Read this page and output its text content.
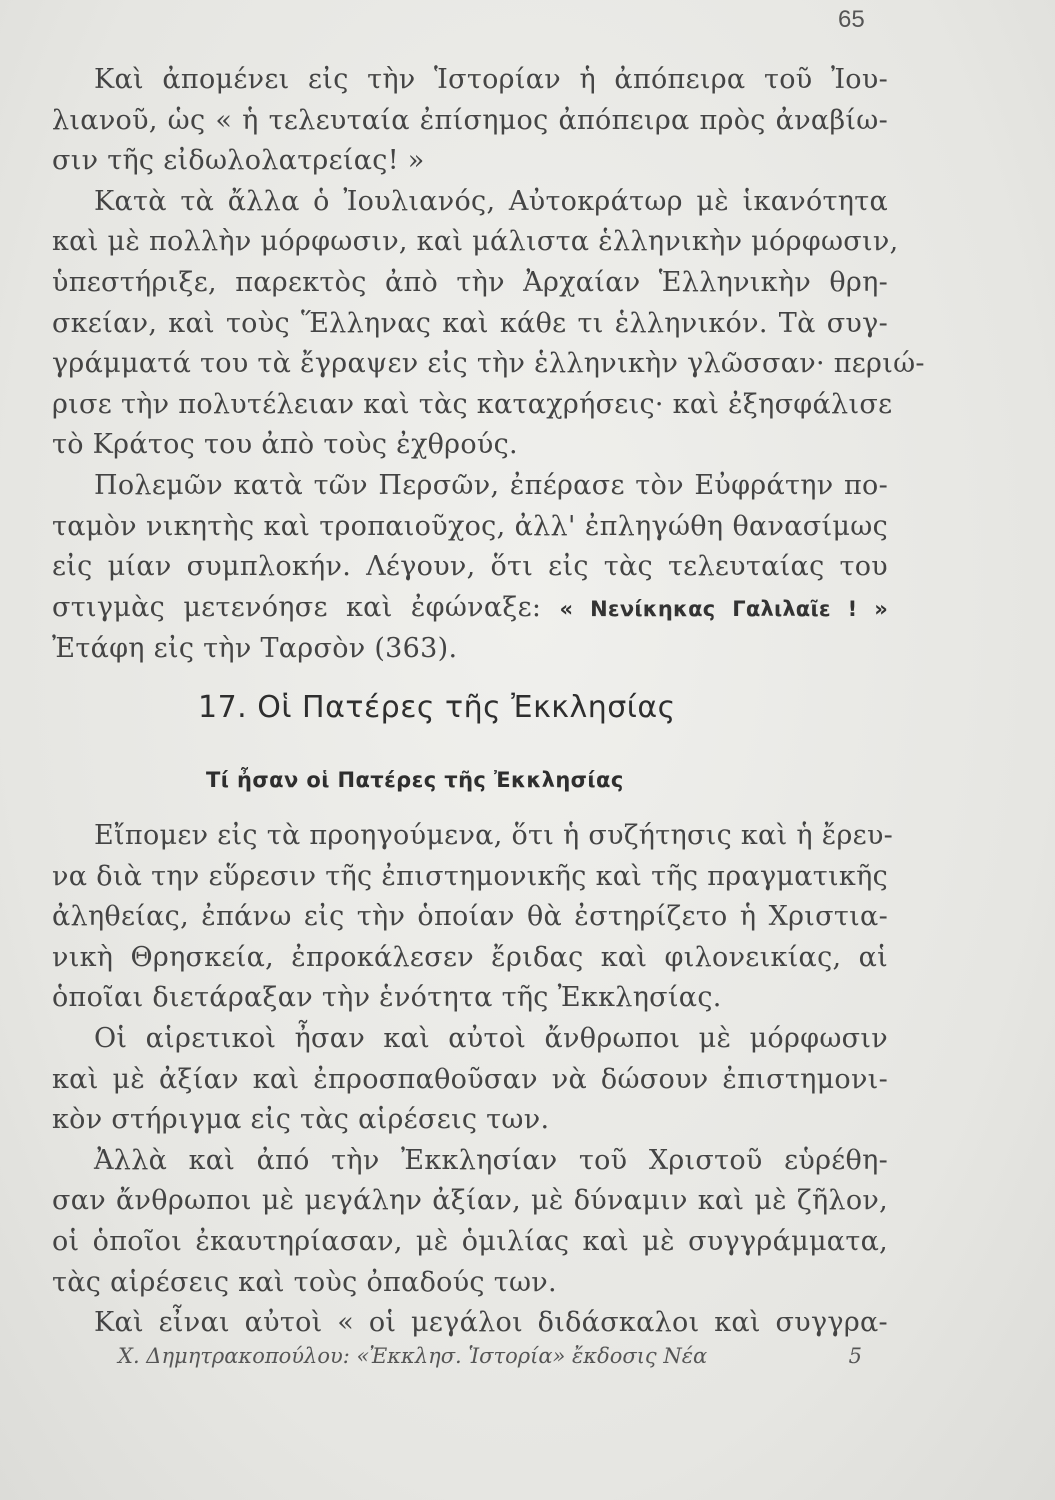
65
Καὶ ἀπομένει εἰς τὴν Ἱστορίαν ἡ ἀπόπειρα τοῦ Ἰου-
λιανοῦ, ὡς « ἡ τελευταία ἐπίσημος ἀπόπειρα πρὸς ἀναβίω-
σιν τῆς εἰδωλολατρείας! »
Κατὰ τὰ ἄλλα ὁ Ἰουλιανός, Αὐτοκράτωρ μὲ ἱκανότητα
καὶ μὲ πολλὴν μόρφωσιν, καὶ μάλιστα ἑλληνικὴν μόρφωσιν,
ὑπεστήριξε, παρεκτὸς ἀπὸ τὴν Ἀρχαίαν Ἑλληνικὴν θρη-
σκείαν, καὶ τοὺς Ἕλληνας καὶ κάθε τι ἑλληνικόν. Τὰ συγ-
γράμματά του τὰ ἔγραψεν εἰς τὴν ἑλληνικὴν γλῶσσαν· περιώ-
ρισε τὴν πολυτέλειαν καὶ τὰς καταχρήσεις· καὶ ἐξησφάλισε
τὸ Κράτος του ἀπὸ τοὺς ἐχθρούς.
Πολεμῶν κατὰ τῶν Περσῶν, ἐπέρασε τὸν Εὐφράτην πο-
ταμὸν νικητὴς καὶ τροπαιοῦχος, ἀλλ' ἐπληγώθη θανασίμως
εἰς μίαν συμπλοκήν. Λέγουν, ὅτι εἰς τὰς τελευταίας του
στιγμὰς μετενόησε καὶ ἐφώναξε: « Νενίκηκας Γαλιλαῖε ! »
Ἐτάφη εἰς τὴν Ταρσὸν (363).
17. Οἱ Πατέρες τῆς Ἐκκλησίας
Τί ἦσαν οἱ Πατέρες τῆς Ἐκκλησίας
Εἴπομεν εἰς τὰ προηγούμενα, ὅτι ἡ συζήτησις καὶ ἡ ἔρευ-
να διὰ την εὕρεσιν τῆς ἐπιστημονικῆς καὶ τῆς πραγματικῆς
ἀληθείας, ἐπάνω εἰς τὴν ὁποίαν θὰ ἐστηρίζετο ἡ Χριστια-
νικὴ Θρησκεία, ἐπροκάλεσεν ἔριδας καὶ φιλονεικίας, αἱ
ὁποῖαι διετάραξαν τὴν ἑνότητα τῆς Ἐκκλησίας.
Οἱ αἱρετικοὶ ἦσαν καὶ αὐτοὶ ἄνθρωποι μὲ μόρφωσιν
καὶ μὲ ἀξίαν καὶ ἐπροσπαθοῦσαν νὰ δώσουν ἐπιστημονι-
κὸν στήριγμα εἰς τὰς αἱρέσεις των.
Ἀλλὰ καὶ ἀπό τὴν Ἐκκλησίαν τοῦ Χριστοῦ εὑρέθη-
σαν ἄνθρωποι μὲ μεγάλην ἀξίαν, μὲ δύναμιν καὶ μὲ ζῆλον,
οἱ ὁποῖοι ἐκαυτηρίασαν, μὲ ὁμιλίας καὶ μὲ συγγράμματα,
τὰς αἱρέσεις καὶ τοὺς ὀπαδούς των.
Καὶ εἶναι αὐτοὶ « οἱ μεγάλοι διδάσκαλοι καὶ συγγρα-
Χ. Δημητρακοπούλου: «Ἐκκλησ. Ἱστορία» ἔκδοσις Νέα	5
